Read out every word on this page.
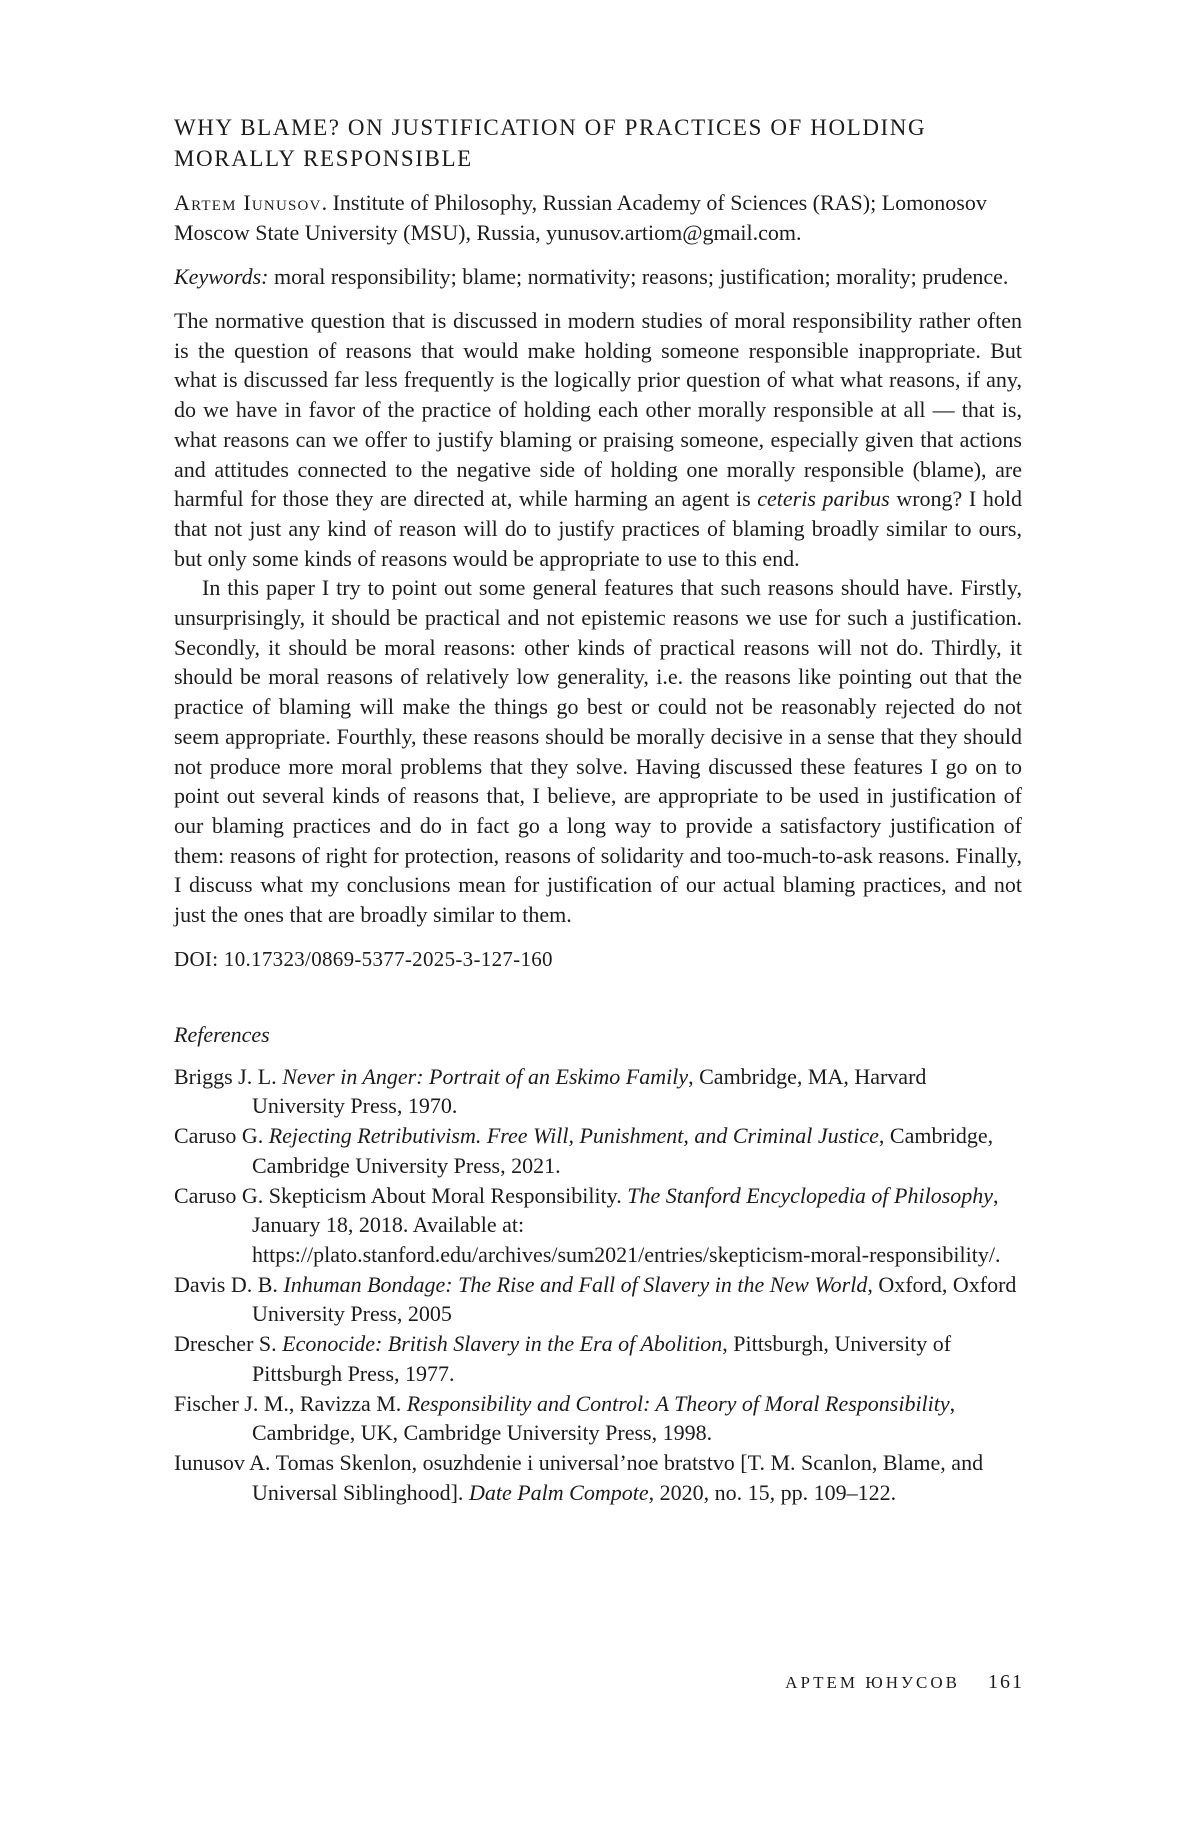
WHY BLAME? ON JUSTIFICATION OF PRACTICES OF HOLDING MORALLY RESPONSIBLE

Artem Iunusov. Institute of Philosophy, Russian Academy of Sciences (RAS); Lomonosov Moscow State University (MSU), Russia, yunusov.artiom@gmail.com.

Keywords: moral responsibility; blame; normativity; reasons; justification; morality; prudence.

The normative question that is discussed in modern studies of moral responsibility rather often is the question of reasons that would make holding someone responsible inappropriate. But what is discussed far less frequently is the logically prior question of what what reasons, if any, do we have in favor of the practice of holding each other morally responsible at all — that is, what reasons can we offer to justify blaming or praising someone, especially given that actions and attitudes connected to the negative side of holding one morally responsible (blame), are harmful for those they are directed at, while harming an agent is ceteris paribus wrong? I hold that not just any kind of reason will do to justify practices of blaming broadly similar to ours, but only some kinds of reasons would be appropriate to use to this end.

In this paper I try to point out some general features that such reasons should have. Firstly, unsurprisingly, it should be practical and not epistemic reasons we use for such a justification. Secondly, it should be moral reasons: other kinds of practical reasons will not do. Thirdly, it should be moral reasons of relatively low generality, i.e. the reasons like pointing out that the practice of blaming will make the things go best or could not be reasonably rejected do not seem appropriate. Fourthly, these reasons should be morally decisive in a sense that they should not produce more moral problems that they solve. Having discussed these features I go on to point out several kinds of reasons that, I believe, are appropriate to be used in justification of our blaming practices and do in fact go a long way to provide a satisfactory justification of them: reasons of right for protection, reasons of solidarity and too-much-to-ask reasons. Finally, I discuss what my conclusions mean for justification of our actual blaming practices, and not just the ones that are broadly similar to them.

DOI: 10.17323/0869-5377-2025-3-127-160

References
Briggs J. L. Never in Anger: Portrait of an Eskimo Family, Cambridge, MA, Harvard University Press, 1970.
Caruso G. Rejecting Retributivism. Free Will, Punishment, and Criminal Justice, Cambridge, Cambridge University Press, 2021.
Caruso G. Skepticism About Moral Responsibility. The Stanford Encyclopedia of Philosophy, January 18, 2018. Available at: https://plato.stanford.edu/archives/sum2021/entries/skepticism-moral-responsibility/.
Davis D. B. Inhuman Bondage: The Rise and Fall of Slavery in the New World, Oxford, Oxford University Press, 2005
Drescher S. Econocide: British Slavery in the Era of Abolition, Pittsburgh, University of Pittsburgh Press, 1977.
Fischer J. M., Ravizza M. Responsibility and Control: A Theory of Moral Responsibility, Cambridge, UK, Cambridge University Press, 1998.
Iunusov A. Tomas Skenlon, osuzhdenie i universal’noe bratstvo [T. M. Scanlon, Blame, and Universal Siblinghood]. Date Palm Compote, 2020, no. 15, pp. 109–122.
АРТЕМ ЮНУСОВ 161
